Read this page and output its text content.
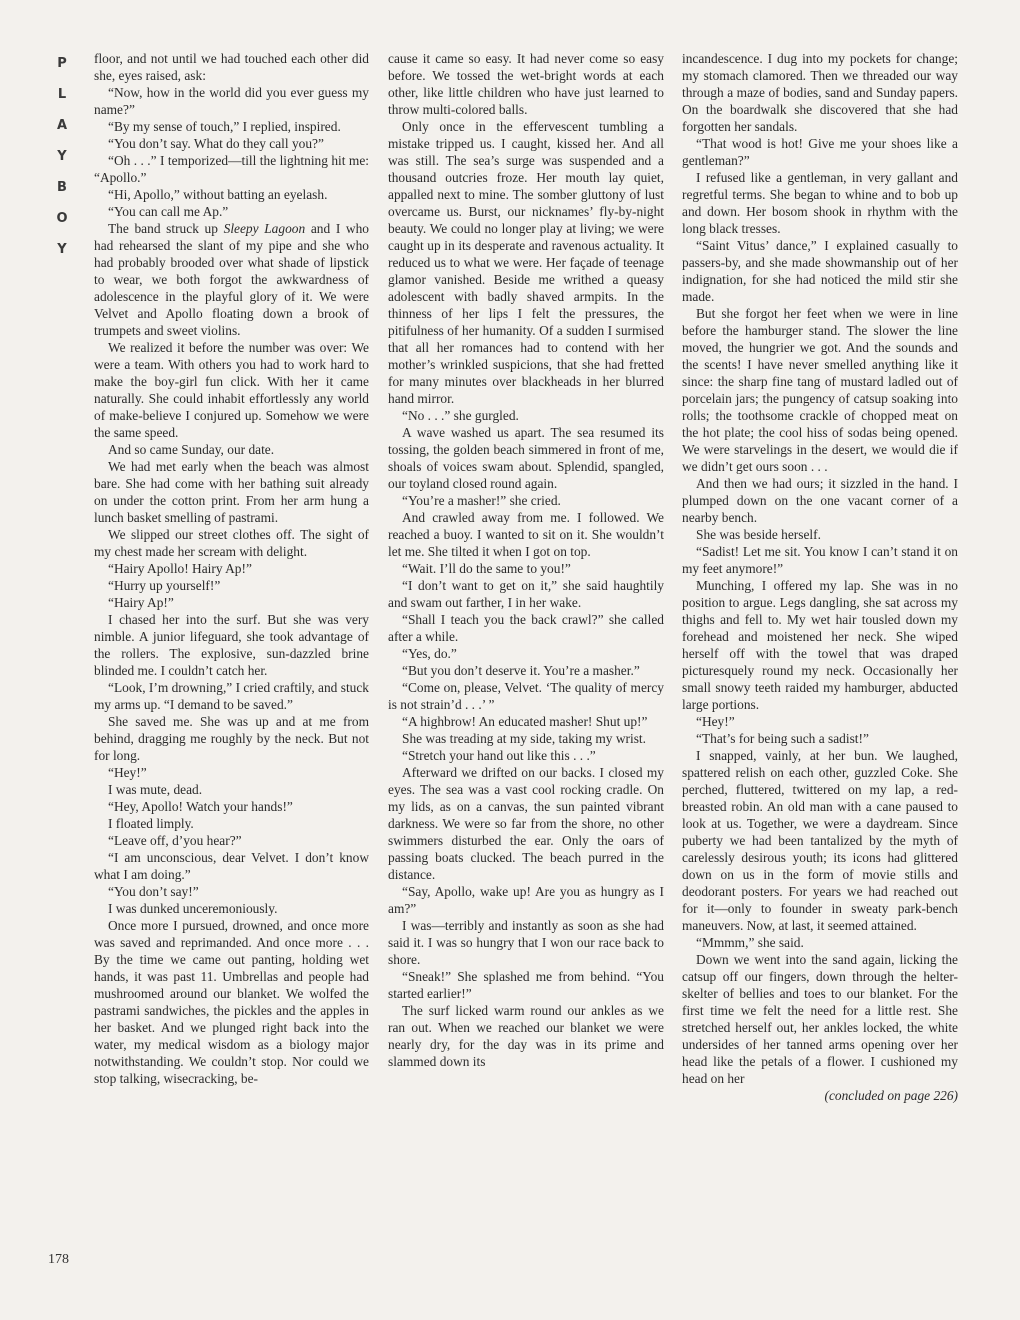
P
L
A
Y
B
O
Y

floor, and not until we had touched each other did she, eyes raised, ask:

“Now, how in the world did you ever guess my name?”

“By my sense of touch,” I replied, inspired.

“You don’t say. What do they call you?”

“Oh . . .” I temporized—till the lightning hit me: “Apollo.”

“Hi, Apollo,” without batting an eyelash.

“You can call me Ap.”

The band struck up Sleepy Lagoon and I who had rehearsed the slant of my pipe and she who had probably brooded over what shade of lipstick to wear, we both forgot the awkwardness of adolescence in the playful glory of it. We were Velvet and Apollo floating down a brook of trumpets and sweet violins.

We realized it before the number was over: We were a team. With others you had to work hard to make the boy-girl fun click. With her it came naturally. She could inhabit effortlessly any world of make-believe I conjured up. Somehow we were the same speed.

And so came Sunday, our date.

We had met early when the beach was almost bare. She had come with her bathing suit already on under the cotton print. From her arm hung a lunch basket smelling of pastrami.

We slipped our street clothes off. The sight of my chest made her scream with delight.

“Hairy Apollo! Hairy Ap!”

“Hurry up yourself!”

“Hairy Ap!”

I chased her into the surf. But she was very nimble. A junior lifeguard, she took advantage of the rollers. The explosive, sun-dazzled brine blinded me. I couldn’t catch her.

“Look, I’m drowning,” I cried craftily, and stuck my arms up. “I demand to be saved.”

She saved me. She was up and at me from behind, dragging me roughly by the neck. But not for long.

“Hey!”

I was mute, dead.

“Hey, Apollo! Watch your hands!”

I floated limply.

“Leave off, d’you hear?”

“I am unconscious, dear Velvet. I don’t know what I am doing.”

“You don’t say!”

I was dunked unceremoniously.

Once more I pursued, drowned, and once more was saved and reprimanded. And once more . . . By the time we came out panting, holding wet hands, it was past 11. Umbrellas and people had mushroomed around our blanket. We wolfed the pastrami sandwiches, the pickles and the apples in her basket. And we plunged right back into the water, my medical wisdom as a biology major notwithstanding. We couldn’t stop. Nor could we stop talking, wisecracking, be-

cause it came so easy. It had never come so easy before. We tossed the wet-bright words at each other, like little children who have just learned to throw multi-colored balls.

Only once in the effervescent tumbling a mistake tripped us. I caught, kissed her. And all was still. The sea’s surge was suspended and a thousand outcries froze. Her mouth lay quiet, appalled next to mine. The somber gluttony of lust overcame us. Burst, our nicknames’ fly-by-night beauty. We could no longer play at living; we were caught up in its desperate and ravenous actuality. It reduced us to what we were. Her façade of teenage glamor vanished. Beside me writhed a queasy adolescent with badly shaved armpits. In the thinness of her lips I felt the pressures, the pitifulness of her humanity. Of a sudden I surmised that all her romances had to contend with her mother’s wrinkled suspicions, that she had fretted for many minutes over blackheads in her blurred hand mirror.

“No . . .” she gurgled.

A wave washed us apart. The sea resumed its tossing, the golden beach simmered in front of me, shoals of voices swam about. Splendid, spangled, our toyland closed round again.

“You’re a masher!” she cried.

And crawled away from me. I followed. We reached a buoy. I wanted to sit on it. She wouldn’t let me. She tilted it when I got on top.

“Wait. I’ll do the same to you!”

“I don’t want to get on it,” she said haughtily and swam out farther, I in her wake.

“Shall I teach you the back crawl?” she called after a while.

“Yes, do.”

“But you don’t deserve it. You’re a masher.”

“Come on, please, Velvet. ‘The quality of mercy is not strain’d . . .’ ”

“A highbrow! An educated masher! Shut up!”

She was treading at my side, taking my wrist.

“Stretch your hand out like this . . .”

Afterward we drifted on our backs. I closed my eyes. The sea was a vast cool rocking cradle. On my lids, as on a canvas, the sun painted vibrant darkness. We were so far from the shore, no other swimmers disturbed the ear. Only the oars of passing boats clucked. The beach purred in the distance.

“Say, Apollo, wake up! Are you as hungry as I am?”

I was—terribly and instantly as soon as she had said it. I was so hungry that I won our race back to shore.

“Sneak!” She splashed me from behind. “You started earlier!”

The surf licked warm round our ankles as we ran out. When we reached our blanket we were nearly dry, for the day was in its prime and slammed down its

incandescence. I dug into my pockets for change; my stomach clamored. Then we threaded our way through a maze of bodies, sand and Sunday papers. On the boardwalk she discovered that she had forgotten her sandals.

“That wood is hot! Give me your shoes like a gentleman?”

I refused like a gentleman, in very gallant and regretful terms. She began to whine and to bob up and down. Her bosom shook in rhythm with the long black tresses.

“Saint Vitus’ dance,” I explained casually to passers-by, and she made showmanship out of her indignation, for she had noticed the mild stir she made.

But she forgot her feet when we were in line before the hamburger stand. The slower the line moved, the hungrier we got. And the sounds and the scents! I have never smelled anything like it since: the sharp fine tang of mustard ladled out of porcelain jars; the pungency of catsup soaking into rolls; the toothsome crackle of chopped meat on the hot plate; the cool hiss of sodas being opened. We were starvelings in the desert, we would die if we didn’t get ours soon . . .

And then we had ours; it sizzled in the hand. I plumped down on the one vacant corner of a nearby bench.

She was beside herself.

“Sadist! Let me sit. You know I can’t stand it on my feet anymore!”

Munching, I offered my lap. She was in no position to argue. Legs dangling, she sat across my thighs and fell to. My wet hair tousled down my forehead and moistened her neck. She wiped herself off with the towel that was draped picturesquely round my neck. Occasionally her small snowy teeth raided my hamburger, abducted large portions.

“Hey!”

“That’s for being such a sadist!”

I snapped, vainly, at her bun. We laughed, spattered relish on each other, guzzled Coke. She perched, fluttered, twittered on my lap, a red-breasted robin. An old man with a cane paused to look at us. Together, we were a daydream. Since puberty we had been tantalized by the myth of carelessly desirous youth; its icons had glittered down on us in the form of movie stills and deodorant posters. For years we had reached out for it—only to founder in sweaty park-bench maneuvers. Now, at last, it seemed attained.

“Mmmm,” she said.

Down we went into the sand again, licking the catsup off our fingers, down through the helter-skelter of bellies and toes to our blanket. For the first time we felt the need for a little rest. She stretched herself out, her ankles locked, the white undersides of her tanned arms opening over her head like the petals of a flower. I cushioned my head on her

(concluded on page 226)

178
